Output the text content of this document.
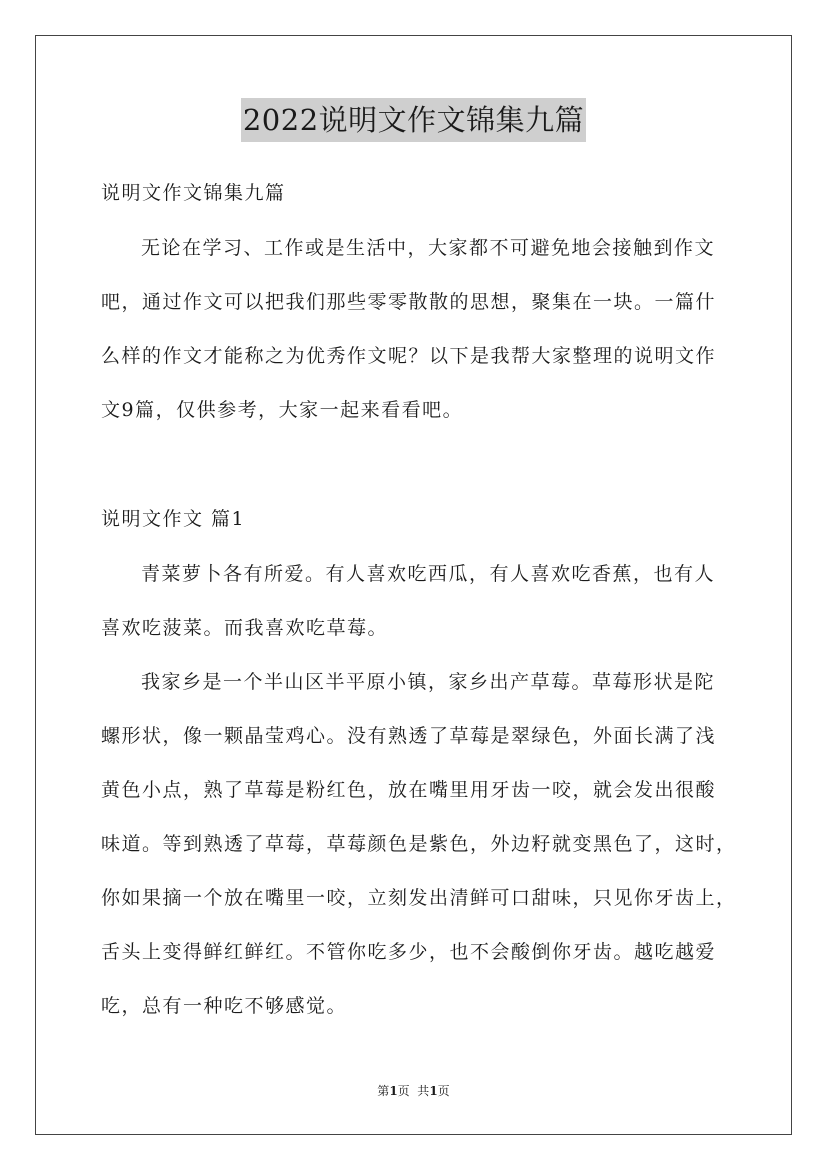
2022说明文作文锦集九篇
说明文作文锦集九篇
无论在学习、工作或是生活中，大家都不可避免地会接触到作文
吧，通过作文可以把我们那些零零散散的思想，聚集在一块。一篇什
么样的作文才能称之为优秀作文呢？以下是我帮大家整理的说明文作
文9篇，仅供参考，大家一起来看看吧。
说明文作文 篇1
青菜萝卜各有所爱。有人喜欢吃西瓜，有人喜欢吃香蕉，也有人
喜欢吃菠菜。而我喜欢吃草莓。
我家乡是一个半山区半平原小镇，家乡出产草莓。草莓形状是陀
螺形状，像一颗晶莹鸡心。没有熟透了草莓是翠绿色，外面长满了浅
黄色小点，熟了草莓是粉红色，放在嘴里用牙齿一咬，就会发出很酸
味道。等到熟透了草莓，草莓颜色是紫色，外边籽就变黑色了，这时，
你如果摘一个放在嘴里一咬，立刻发出清鲜可口甜味，只见你牙齿上，
舌头上变得鲜红鲜红。不管你吃多少，也不会酸倒你牙齿。越吃越爱
吃，总有一种吃不够感觉。
第1页  共1页
